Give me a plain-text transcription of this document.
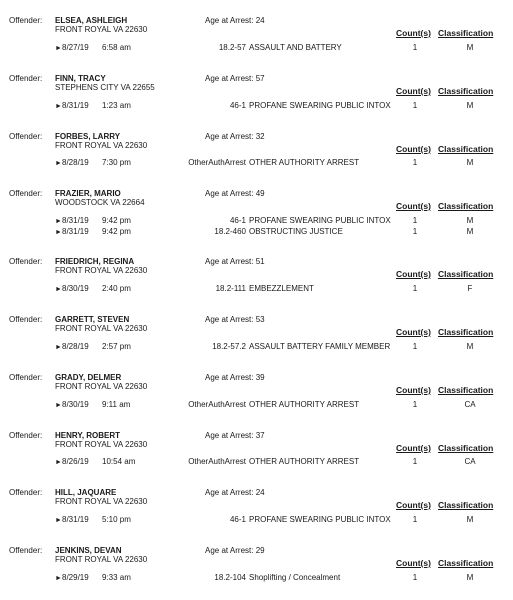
Offender: ELSEA, ASHLEIGH	Age at Arrest: 24
FRONT ROYAL VA 22630	Count(s) Classification
► 8/27/19 6:58 am	18.2-57 ASSAULT AND BATTERY	1	M
Offender: FINN, TRACY	Age at Arrest: 57
STEPHENS CITY VA 22655	Count(s) Classification
► 8/31/19 1:23 am	46-1 PROFANE SWEARING PUBLIC INTOX	1	M
Offender: FORBES, LARRY	Age at Arrest: 32
FRONT ROYAL VA 22630	Count(s) Classification
► 8/28/19 7:30 pm	OtherAuthArrest OTHER AUTHORITY ARREST	1	M
Offender: FRAZIER, MARIO	Age at Arrest: 49
WOODSTOCK VA 22664	Count(s) Classification
► 8/31/19 9:42 pm	46-1 PROFANE SWEARING PUBLIC INTOX	1	M
► 8/31/19 9:42 pm	18.2-460 OBSTRUCTING JUSTICE	1	M
Offender: FRIEDRICH, REGINA	Age at Arrest: 51
FRONT ROYAL VA 22630	Count(s) Classification
► 8/30/19 2:40 pm	18.2-111 EMBEZZLEMENT	1	F
Offender: GARRETT, STEVEN	Age at Arrest: 53
FRONT ROYAL VA 22630	Count(s) Classification
► 8/28/19 2:57 pm	18.2-57.2 ASSAULT BATTERY FAMILY MEMBER	1	M
Offender: GRADY, DELMER	Age at Arrest: 39
FRONT ROYAL VA 22630	Count(s) Classification
► 8/30/19 9:11 am	OtherAuthArrest OTHER AUTHORITY ARREST	1	CA
Offender: HENRY, ROBERT	Age at Arrest: 37
FRONT ROYAL VA 22630	Count(s) Classification
► 8/26/19 10:54 am	OtherAuthArrest OTHER AUTHORITY ARREST	1	CA
Offender: HILL, JAQUARE	Age at Arrest: 24
FRONT ROYAL VA 22630	Count(s) Classification
► 8/31/19 5:10 pm	46-1 PROFANE SWEARING PUBLIC INTOX	1	M
Offender: JENKINS, DEVAN	Age at Arrest: 29
FRONT ROYAL VA 22630	Count(s) Classification
► 8/29/19 9:33 am	18.2-104 Shoplifting / Concealment	1	M
